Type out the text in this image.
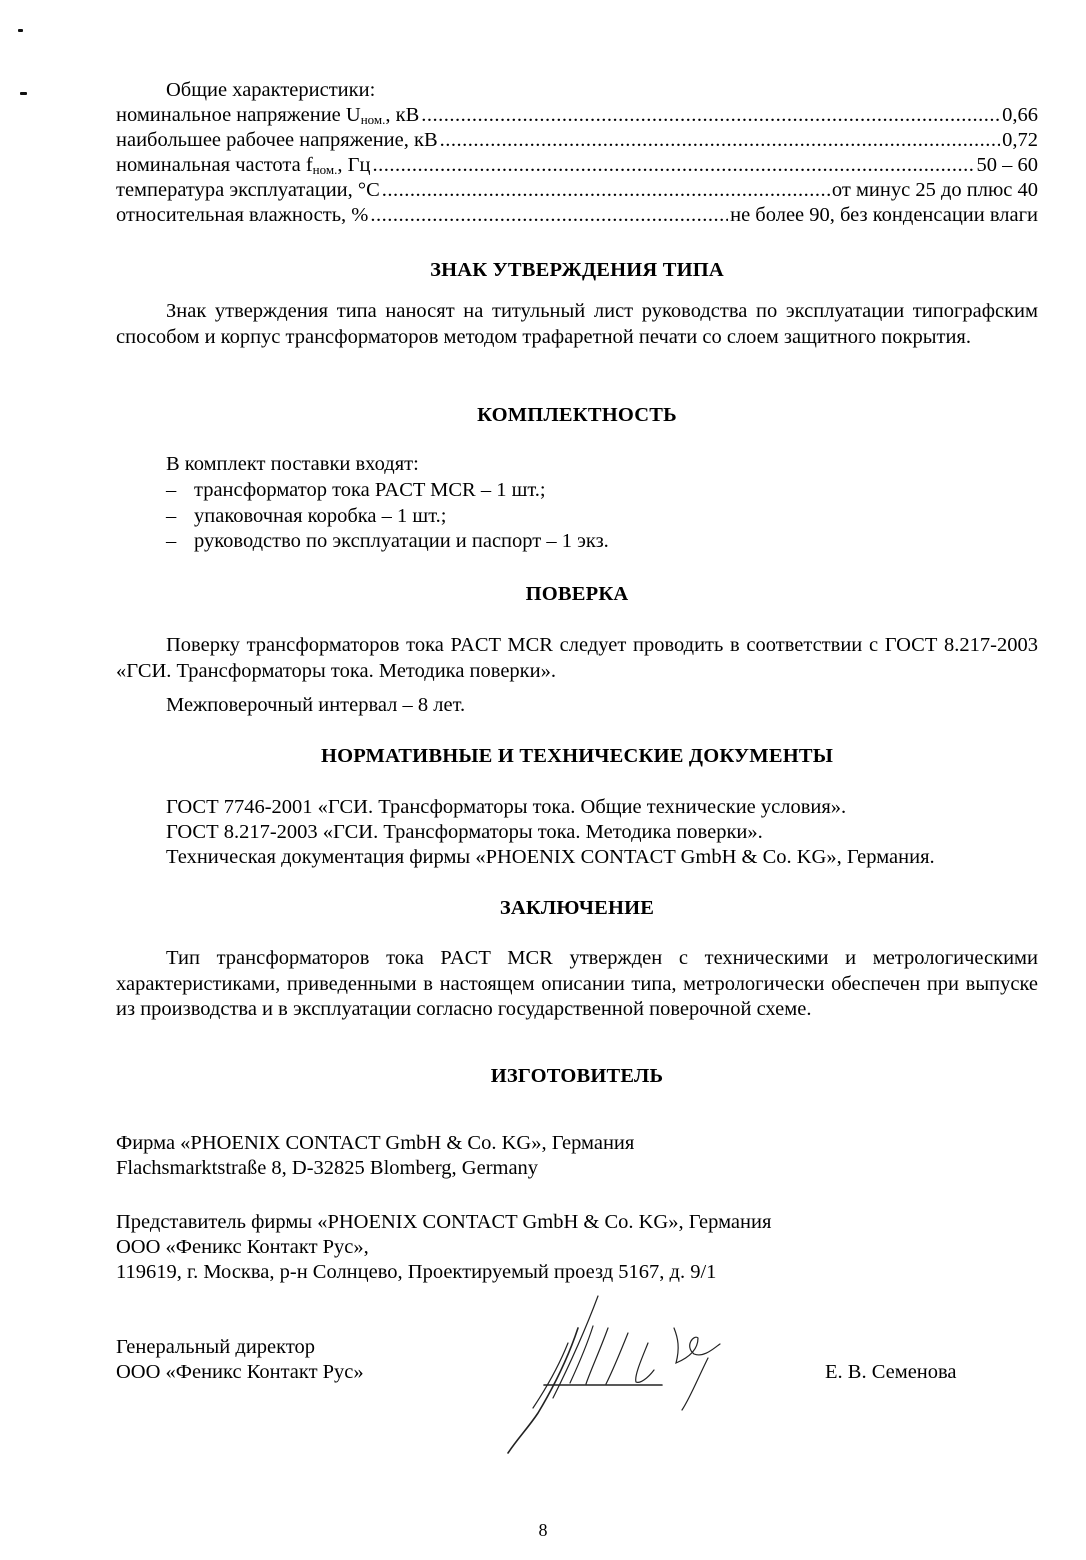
Общие характеристики:
номинальное напряжение $U_{ном.}$, кВ .....	0,66
наибольшее рабочее напряжение, кВ .....	0,72
номинальная частота $f_{ном.}$, Гц .....	50 – 60
температура эксплуатации, °С .....	от минус 25 до плюс 40
относительная влажность, % .....	не более 90, без конденсации влаги
ЗНАК УТВЕРЖДЕНИЯ ТИПА

Знак утверждения типа наносят на титульный лист руководства по эксплуатации типографским способом и корпус трансформаторов методом трафаретной печати со слоем защитного покрытия.

КОМПЛЕКТНОСТЬ
В комплект поставки входят:
– трансформатор тока PACT MCR – 1 шт.;
– упаковочная коробка – 1 шт.;
– руководство по эксплуатации и паспорт – 1 экз.
ПОВЕРКА

Поверку трансформаторов тока PACT MCR следует проводить в соответствии с ГОСТ 8.217-2003 «ГСИ. Трансформаторы тока. Методика поверки».

Межповерочный интервал – 8 лет.
НОРМАТИВНЫЕ И ТЕХНИЧЕСКИЕ ДОКУМЕНТЫ
ГОСТ 7746-2001 «ГСИ. Трансформаторы тока. Общие технические условия».
ГОСТ 8.217-2003 «ГСИ. Трансформаторы тока. Методика поверки».
Техническая документация фирмы «PHOENIX CONTACT GmbH & Co. KG», Германия.
ЗАКЛЮЧЕНИЕ

Тип трансформаторов тока PACT MCR утвержден с техническими и метрологическими характеристиками, приведенными в настоящем описании типа, метрологически обеспечен при выпуске из производства и в эксплуатации согласно государственной поверочной схеме.

ИЗГОТОВИТЕЛЬ
Фирма «PHOENIX CONTACT GmbH & Co. KG», Германия
Flachsmarktstraße 8, D-32825 Blomberg, Germany
Представитель фирмы «PHOENIX CONTACT GmbH & Co. KG», Германия
ООО «Феникс Контакт Рус»,
119619, г. Москва, р-н Солнцево, Проектируемый проезд 5167, д. 9/1
Генеральный директор
ООО «Феникс Контакт Рус»	Е. В. Семенова
8
